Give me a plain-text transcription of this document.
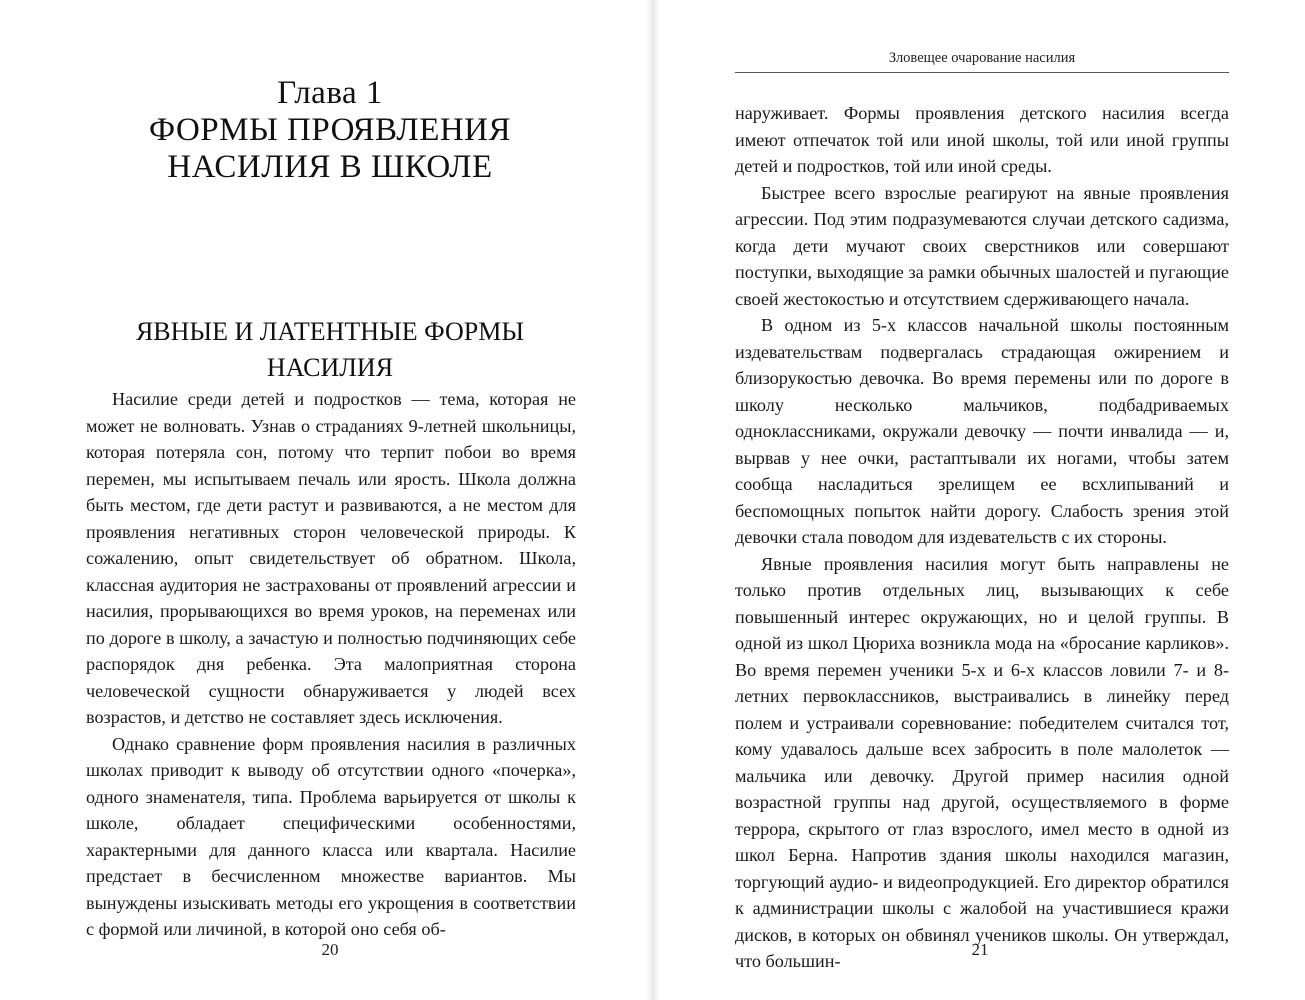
Глава 1
ФОРМЫ ПРОЯВЛЕНИЯ
НАСИЛИЯ В ШКОЛЕ
ЯВНЫЕ И ЛАТЕНТНЫЕ ФОРМЫ
НАСИЛИЯ

Насилие среди детей и подростков — тема, которая не может не волновать. Узнав о страданиях 9-летней школьницы, которая потеряла сон, потому что терпит побои во время перемен, мы испытываем печаль или ярость. Школа должна быть местом, где дети растут и развиваются, а не местом для проявления негативных сторон человеческой природы. К сожалению, опыт свидетельствует об обратном. Школа, классная аудитория не застрахованы от проявлений агрессии и насилия, прорывающихся во время уроков, на переменах или по дороге в школу, а зачастую и полностью подчиняющих себе распорядок дня ребенка. Эта малоприятная сторона человеческой сущности обнаруживается у людей всех возрастов, и детство не составляет здесь исключения.

Однако сравнение форм проявления насилия в различных школах приводит к выводу об отсутствии одного «почерка», одного знаменателя, типа. Проблема варьируется от школы к школе, обладает специфическими особенностями, характерными для данного класса или квартала. Насилие предстает в бесчисленном множестве вариантов. Мы вынуждены изыскивать методы его укрощения в соответствии с формой или личиной, в которой оно себя об-

20
Зловещее очарование насилия

наруживает. Формы проявления детского насилия всегда имеют отпечаток той или иной школы, той или иной группы детей и подростков, той или иной среды.

Быстрее всего взрослые реагируют на явные проявления агрессии. Под этим подразумеваются случаи детского садизма, когда дети мучают своих сверстников или совершают поступки, выходящие за рамки обычных шалостей и пугающие своей жестокостью и отсутствием сдерживающего начала.

В одном из 5-х классов начальной школы постоянным издевательствам подвергалась страдающая ожирением и близорукостью девочка. Во время перемены или по дороге в школу несколько мальчиков, подбадриваемых одноклассниками, окружали девочку — почти инвалида — и, вырвав у нее очки, растаптывали их ногами, чтобы затем сообща насладиться зрелищем ее всхлипываний и беспомощных попыток найти дорогу. Слабость зрения этой девочки стала поводом для издевательств с их стороны.

Явные проявления насилия могут быть направлены не только против отдельных лиц, вызывающих к себе повышенный интерес окружающих, но и целой группы. В одной из школ Цюриха возникла мода на «бросание карликов». Во время перемен ученики 5-х и 6-х классов ловили 7- и 8-летних первоклассников, выстраивались в линейку перед полем и устраивали соревнование: победителем считался тот, кому удавалось дальше всех забросить в поле малолеток — мальчика или девочку. Другой пример насилия одной возрастной группы над другой, осуществляемого в форме террора, скрытого от глаз взрослого, имел место в одной из школ Берна. Напротив здания школы находился магазин, торгующий аудио- и видеопродукцией. Его директор обратился к администрации школы с жалобой на участившиеся кражи дисков, в которых он обвинял учеников школы. Он утверждал, что большин-

21
